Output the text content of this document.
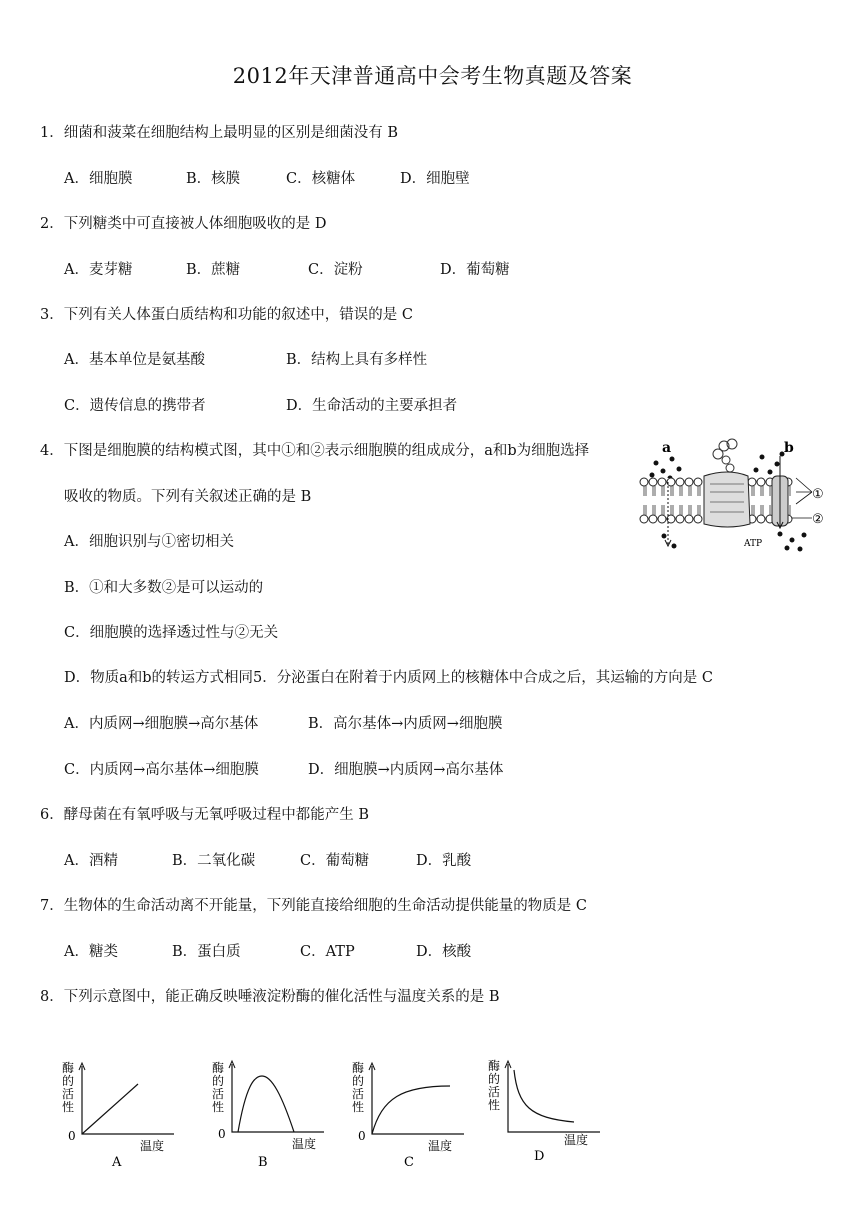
2012年天津普通高中会考生物真题及答案
1．细菌和菠菜在细胞结构上最明显的区别是细菌没有 B
A．细胞膜	B．核膜	C．核糖体	D．细胞壁
2．下列糖类中可直接被人体细胞吸收的是 D
A．麦芽糖	B．蔗糖	C．淀粉	D．葡萄糖
3．下列有关人体蛋白质结构和功能的叙述中，错误的是 C
A．基本单位是氨基酸	B．结构上具有多样性
C．遗传信息的携带者	D．生命活动的主要承担者
4．下图是细胞膜的结构模式图，其中①和②表示细胞膜的组成成分，a和b为细胞选择
吸收的物质。下列有关叙述正确的是 B
A．细胞识别与①密切相关
B．①和大多数②是可以运动的
C．细胞膜的选择透过性与②无关
D．物质a和b的转运方式相同5．分泌蛋白在附着于内质网上的核糖体中合成之后，其运输的方向是 C
a	b
①
②
ATP
A．内质网→细胞膜→高尔基体	B．高尔基体→内质网→细胞膜
C．内质网→高尔基体→细胞膜	D．细胞膜→内质网→高尔基体
6．酵母菌在有氧呼吸与无氧呼吸过程中都能产生 B
A．酒精	B．二氧化碳	C．葡萄糖	D．乳酸
7．生物体的生命活动离不开能量，下列能直接给细胞的生命活动提供能量的物质是 C
A．糖类	B．蛋白质	C．ATP	D．核酸
8．下列示意图中，能正确反映唾液淀粉酶的催化活性与温度关系的是 B
酶
的
活
性
0
温度
A
酶
的
活
性
0
温度
B
酶
的
活
性
0
温度
C
酶
的
活
性
温度
D
